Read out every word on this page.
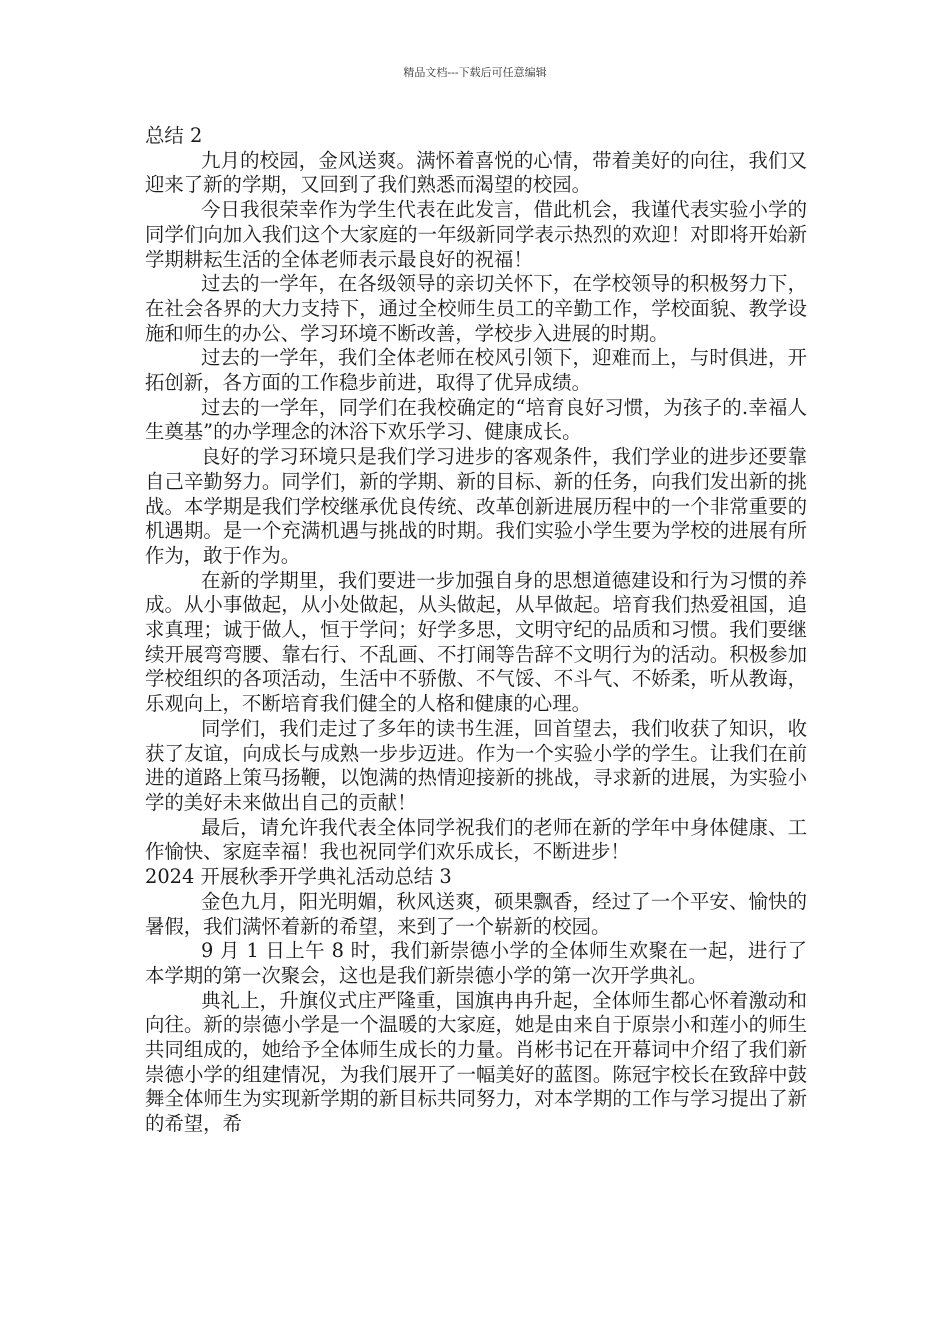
精品文档---下载后可任意编辑

总结 2

九月的校园，金风送爽。满怀着喜悦的心情，带着美好的向往，我们又迎来了新的学期，又回到了我们熟悉而渴望的校园。

今日我很荣幸作为学生代表在此发言，借此机会，我谨代表实验小学的同学们向加入我们这个大家庭的一年级新同学表示热烈的欢迎！对即将开始新学期耕耘生活的全体老师表示最良好的祝福！

过去的一学年，在各级领导的亲切关怀下，在学校领导的积极努力下，在社会各界的大力支持下，通过全校师生员工的辛勤工作，学校面貌、教学设施和师生的办公、学习环境不断改善，学校步入进展的时期。

过去的一学年，我们全体老师在校风引领下，迎难而上，与时俱进，开拓创新，各方面的工作稳步前进，取得了优异成绩。

过去的一学年，同学们在我校确定的“培育良好习惯，为孩子的.幸福人生奠基”的办学理念的沐浴下欢乐学习、健康成长。

良好的学习环境只是我们学习进步的客观条件，我们学业的进步还要靠自己辛勤努力。同学们，新的学期、新的目标、新的任务，向我们发出新的挑战。本学期是我们学校继承优良传统、改革创新进展历程中的一个非常重要的机遇期。是一个充满机遇与挑战的时期。我们实验小学生要为学校的进展有所作为，敢于作为。

在新的学期里，我们要进一步加强自身的思想道德建设和行为习惯的养成。从小事做起，从小处做起，从头做起，从早做起。培育我们热爱祖国，追求真理；诚于做人，恒于学问；好学多思，文明守纪的品质和习惯。我们要继续开展弯弯腰、靠右行、不乱画、不打闹等告辞不文明行为的活动。积极参加学校组织的各项活动，生活中不骄傲、不气馁、不斗气、不娇柔，听从教诲，乐观向上，不断培育我们健全的人格和健康的心理。

同学们，我们走过了多年的读书生涯，回首望去，我们收获了知识，收获了友谊，向成长与成熟一步步迈进。作为一个实验小学的学生。让我们在前进的道路上策马扬鞭，以饱满的热情迎接新的挑战，寻求新的进展，为实验小学的美好未来做出自己的贡献！

最后，请允许我代表全体同学祝我们的老师在新的学年中身体健康、工作愉快、家庭幸福！我也祝同学们欢乐成长，不断进步！

2024 开展秋季开学典礼活动总结 3

金色九月，阳光明媚，秋风送爽，硕果飘香，经过了一个平安、愉快的暑假，我们满怀着新的希望，来到了一个崭新的校园。

9 月 1 日上午 8 时，我们新崇德小学的全体师生欢聚在一起，进行了本学期的第一次聚会，这也是我们新崇德小学的第一次开学典礼。

典礼上，升旗仪式庄严隆重，国旗冉冉升起，全体师生都心怀着激动和向往。新的崇德小学是一个温暖的大家庭，她是由来自于原崇小和莲小的师生共同组成的，她给予全体师生成长的力量。肖彬书记在开幕词中介绍了我们新崇德小学的组建情况，为我们展开了一幅美好的蓝图。陈冠宇校长在致辞中鼓舞全体师生为实现新学期的新目标共同努力，对本学期的工作与学习提出了新的希望，希
